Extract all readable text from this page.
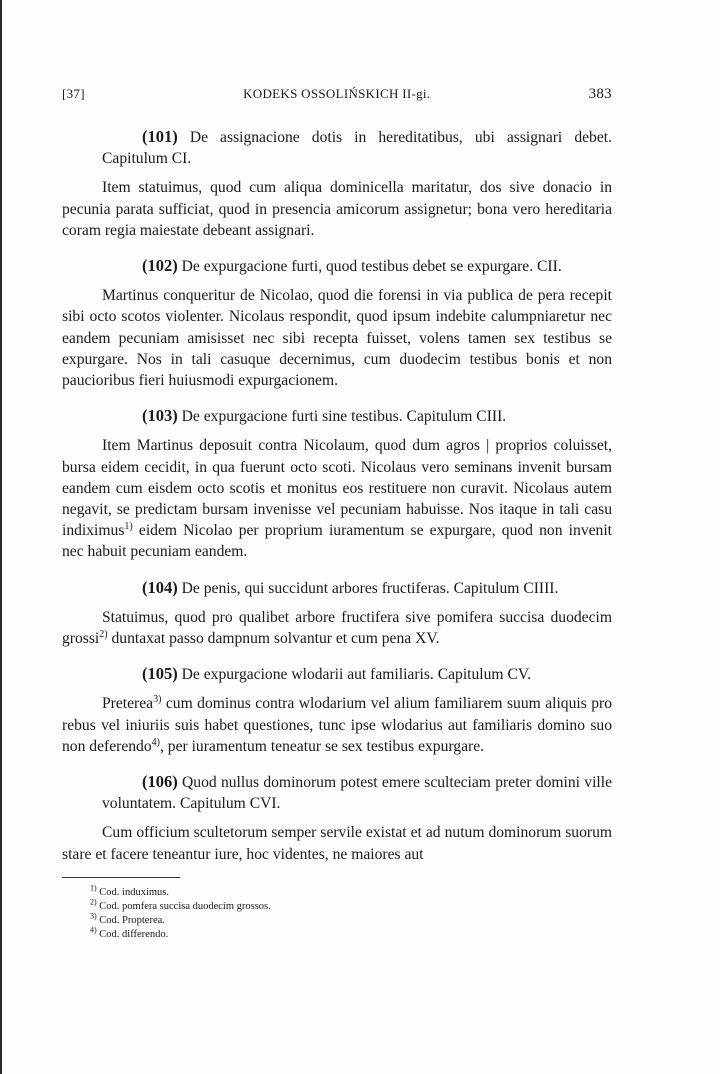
[37]	KODEKS OSSOLIŃSKICH II-gi.	383

(101) De assignacione dotis in hereditatibus, ubi assignari debet. Capitulum CI.

Item statuimus, quod cum aliqua dominicella maritatur, dos sive donacio in pecunia parata sufficiat, quod in presencia amicorum assignetur; bona vero hereditaria coram regia maiestate debeant assignari.

(102) De expurgacione furti, quod testibus debet se expurgare. CII.

Martinus conqueritur de Nicolao, quod die forensi in via publica de pera recepit sibi octo scotos violenter. Nicolaus respondit, quod ipsum indebite calumpniaretur nec eandem pecuniam amisisset nec sibi recepta fuisset, volens tamen sex testibus se expurgare. Nos in tali casuque decernimus, cum duodecim testibus bonis et non paucioribus fieri huiusmodi expurgacionem.

(103) De expurgacione furti sine testibus. Capitulum CIII.

Item Martinus deposuit contra Nicolaum, quod dum agros | proprios coluisset, bursa eidem cecidit, in qua fuerunt octo scoti. Nicolaus vero seminans invenit bursam eandem cum eisdem octo scotis et monitus eos restituere non curavit. Nicolaus autem negavit, se predictam bursam invenisse vel pecuniam habuisse. Nos itaque in tali casu indiximus$^{1)}$ eidem Nicolao per proprium iuramentum se expurgare, quod non invenit nec habuit pecuniam eandem.

(104) De penis, qui succidunt arbores fructiferas. Capitulum CIIII.

Statuimus, quod pro qualibet arbore fructifera sive pomifera succisa duodecim grossi$^{2)}$ duntaxat passo dampnum solvantur et cum pena XV.

(105) De expurgacione wlodarii aut familiaris. Capitulum CV.

Preterea$^{3)}$ cum dominus contra wlodarium vel alium familiarem suum aliquis pro rebus vel iniuriis suis habet questiones, tunc ipse wlodarius aut familiaris domino suo non deferendo$^{4)}$, per iuramentum teneatur se sex testibus expurgare.

(106) Quod nullus dominorum potest emere sculteciam preter domini ville voluntatem. Capitulum CVI.

Cum officium scultetorum semper servile existat et ad nutum dominorum suorum stare et facere teneantur iure, hoc videntes, ne maiores aut

$^{1)}$ Cod. induximus.
$^{2)}$ Cod. pomfera succisa duodecim grossos.
$^{3)}$ Cod. Propterea.
$^{4)}$ Cod. differendo.
